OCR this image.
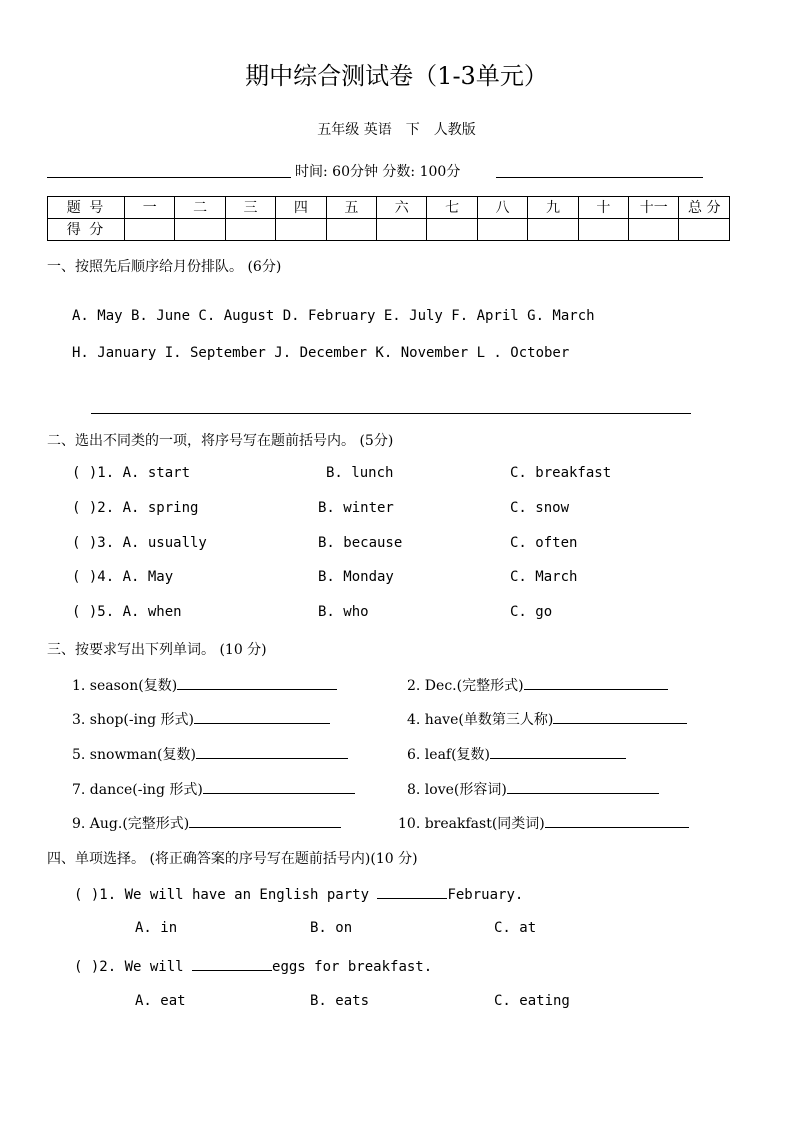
期中综合测试卷（1-3单元）
五年级 英语　下　人教版
时间: 60分钟 分数: 100分
题 号	一	二	三	四	五	六	七	八	九	十	十一	总 分
得 分												
一、按照先后顺序给月份排队。 (6分)
A. May B. June C. August D. February E. July F. April G. March
H. January I. September J. December K. November L . October
二、选出不同类的一项，将序号写在题前括号内。 (5分)
( )1. A. start	B. lunch	C. breakfast
( )2. A. spring	B. winter	C. snow
( )3. A. usually	B. because	C. often
( )4. A. May	B. Monday	C. March
( )5. A. when	B. who	C. go
三、按要求写出下列单词。 (10 分)
1. season(复数)	2. Dec.(完整形式)
3. shop(-ing 形式)	4. have(单数第三人称)
5. snowman(复数)	6. leaf(复数)
7. dance(-ing 形式)	8. love(形容词)
9. Aug.(完整形式)	10. breakfast(同类词)
四、单项选择。 (将正确答案的序号写在题前括号内)(10 分)
( )1. We will have an English party	February.
A. in	B. on	C. at
( )2. We will	eggs for breakfast.
A. eat	B. eats	C. eating
